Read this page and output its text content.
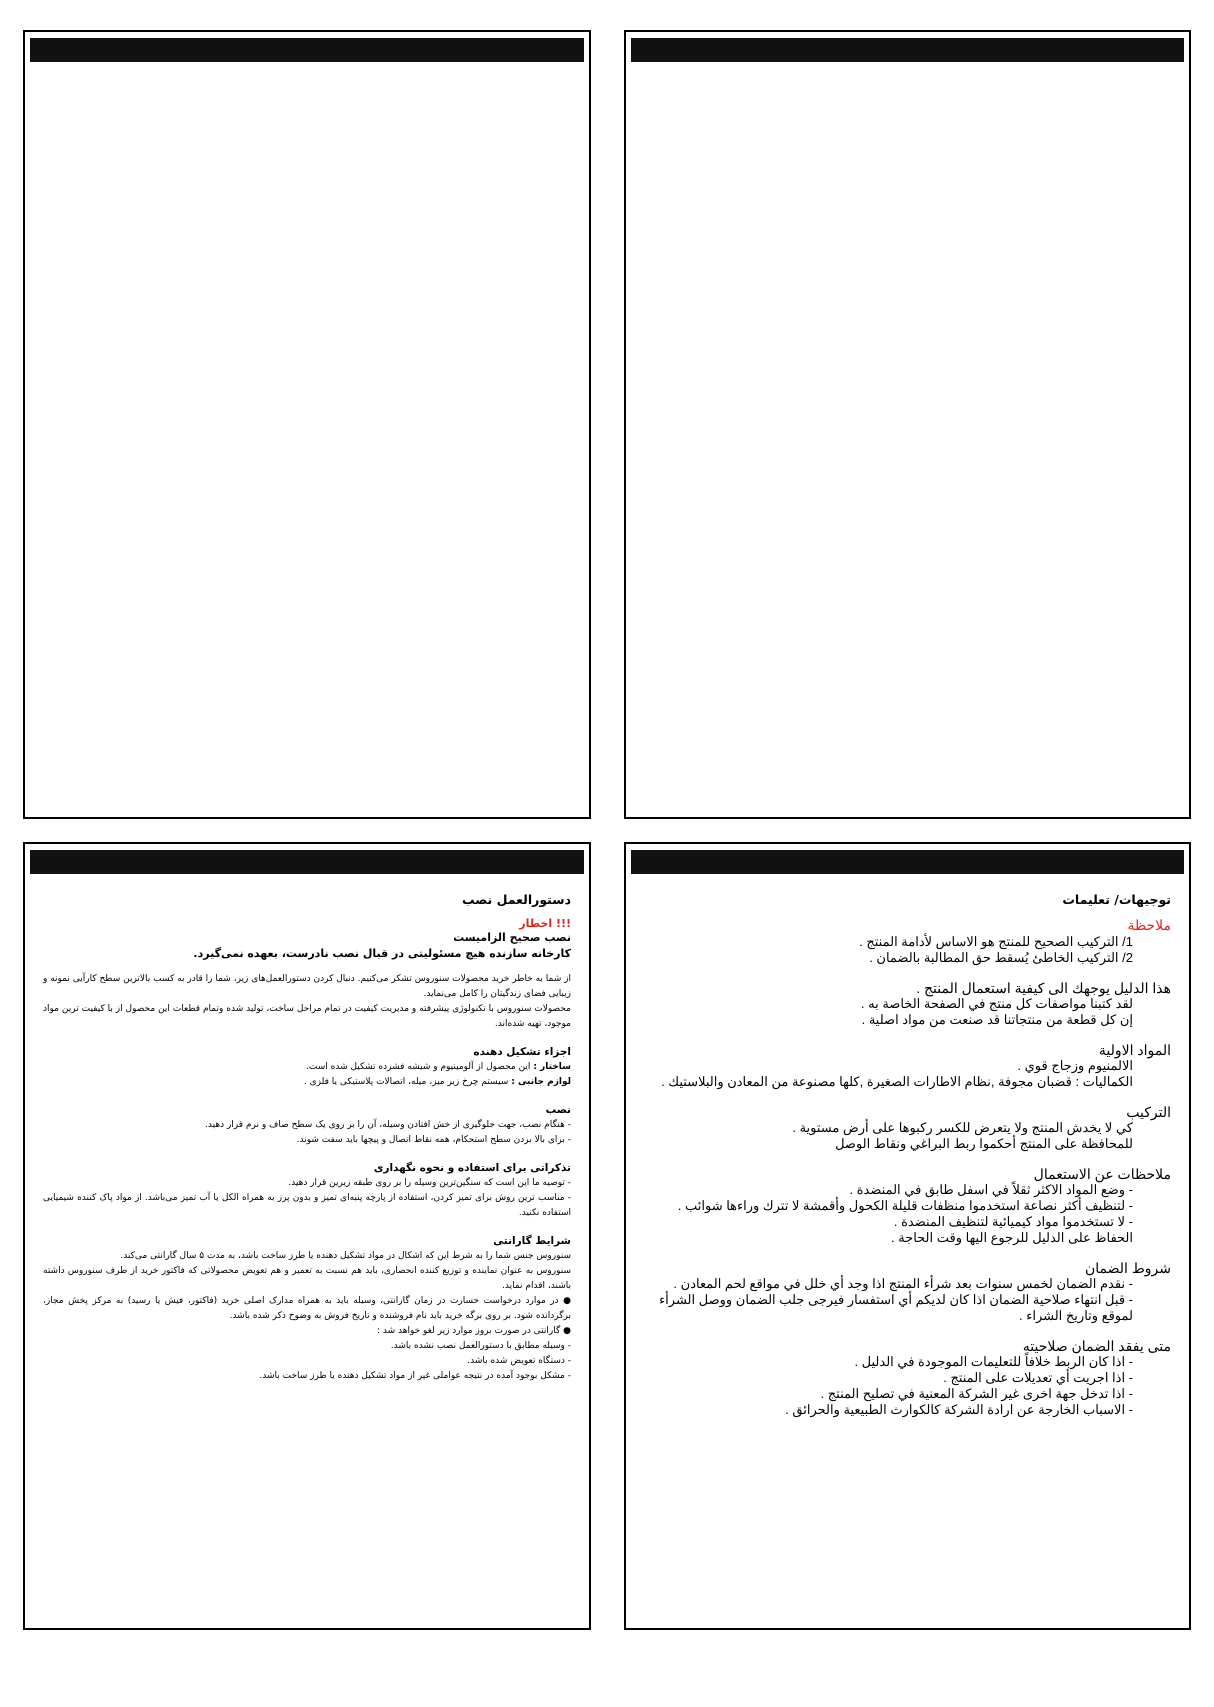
دستورالعمل نصب
!!! اخطار
نصب صحیح الزامیست
کارخانه سازنده هیچ مسئولیتی در قبال نصب نادرست، بعهده نمی‌گیرد.

از شما به خاطر خرید محصولات سنوروس تشکر می‌کنیم. دنبال کردن دستورالعمل‌های زیر، شما را قادر به کسب بالاترین سطح کارآیی نمونه و زیبایی فضای زندگیتان را کامل می‌نماید.

محصولات سنوروس با تکنولوژی پیشرفته و مدیریت کیفیت در تمام مراحل ساخت، تولید شده وتمام قطعات این محصول از با کیفیت ترین مواد موجود، تهیه شده‌اند.

اجزاء تشکیل دهنده

ساختار : این محصول از آلومینیوم و شیشه فشرده تشکیل شده است.

لوازم جانبی : سیستم چرخ زیر میز، میله، اتصالات پلاستیکی یا فلزی .

نصب

- هنگام نصب، جهت جلوگیری از خش افتادن وسیله، آن را بر روی یک سطح صاف و نرم قرار دهید.

- برای بالا بردن سطح استحکام، همه نقاط اتصال و پیچها باید سفت شوند.

تذکراتی برای استفاده و نحوه نگهداری

- توصیه ما این است که سنگین‌ترین وسیله را بر روی طبقه زیرین قرار دهید.

- مناسب ترین روش برای تمیز کردن، استفاده از پارچه پنبه‌ای تمیز و بدون پرز به همراه الکل یا آب تمیز می‌باشد. از مواد پاک کننده شیمیایی استفاده نکنید.

شرایط گارانتی

سنوروس جنس شما را به شرط این که اشکال در مواد تشکیل دهنده یا طرز ساخت باشد، به مدت ۵ سال گارانتی می‌کند.

سنوروس به عنوان نماینده و توزیع کننده انحصاری، باید هم نسبت به تعمیر و هم تعویض محصولاتی که فاکتور خرید از طرف سنوروس داشته باشند، اقدام نماید.

● در موارد درخواست خسارت در زمان گارانتی، وسیله باید به همراه مدارک اصلی خرید (فاکتور، فیش یا رسید) به مرکز پخش مجاز، برگردانده شود. بر روی برگه خرید باید نام فروشنده و تاریخ فروش به وضوح ذکر شده باشد.

● گارانتی در صورت بروز موارد زیر لغو خواهد شد :

- وسیله مطابق با دستورالعمل نصب نشده باشد.

- دستگاه تعویض شده باشد.

- مشکل بوجود آمده در نتیجه عواملی غیر از مواد تشکیل دهنده یا طرز ساخت باشد.

توجیهات/ تعلیمات
ملاحظة
1/ التركيب الصحيح للمنتج هو الاساس لأدامة المنتج .
2/ التركيب الخاطئ يُسقط حق المطالبة بالضمان .
هذا الدليل يوجهك الى كيفية استعمال المنتج .
لقد كتبنا مواصفات كل منتج في الصفحة الخاصة به .
إن كل قطعة من منتجاتنا قد صنعت من مواد اصلية .
المواد الاولية
الالمنيوم وزجاج قوي .
الكماليات : قضبان مجوفة ,نظام الاطارات الصغيرة ,كلها مصنوعة من المعادن والبلاستيك .
التركيب
كي لا يخدش المنتج ولا يتعرض للكسر ركبوها على أرض مستوية .
للمحافظة على المنتج أحكموا ربط البراغي ونقاط الوصل
ملاحظات عن الاستعمال
- وضع المواد الاكثر ثقلاً في اسفل طابق في المنضدة .
- لتنظيف أكثر نصاعة استخدموا منظفات قليلة الكحول وأقمشة لا تترك وراءها شوائب .
- لا تستخدموا مواد كيميائية لتنظيف المنضدة .
الحفاظ على الدليل للرجوع اليها وقت الحاجة .
شروط الضمان
- نقدم الضمان لخمس سنوات بعد شرأء المنتج اذا وجد أي خلل في مواقع لحم المعادن .
- قبل انتهاء صلاحية الضمان اذا كان لديكم أي استفسار فيرجى جلب الضمان ووصل الشرأء لموقع وتاريخ الشراء .
متى يفقد الضمان صلاحيته
- اذا كان الربط خلافاً للتعليمات الموجودة في الدليل .
- اذا اجريت أي تعديلات على المنتج .
- اذا تدخل جهة اخرى غير الشركة المعنية في تصليح المنتج .
- الاسباب الخارجة عن ارادة الشركة كالكوارث الطبيعية والحرائق .
